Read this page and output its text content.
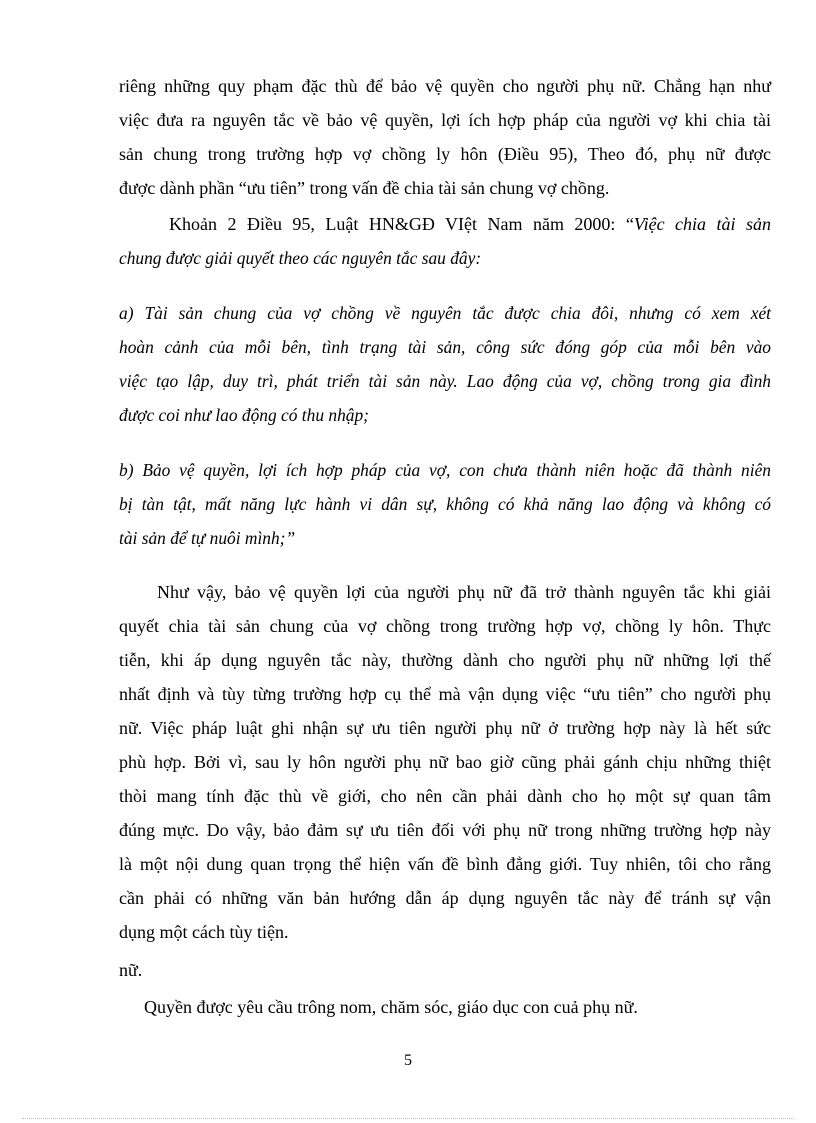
riêng những quy phạm đặc thù để bảo vệ quyền cho người phụ nữ. Chẳng hạn như
việc đưa ra nguyên tắc về bảo vệ quyền, lợi ích hợp pháp của người vợ khi chia tài
sản chung trong trường hợp vợ chồng ly hôn (Điều 95), Theo đó, phụ nữ được
được dành phần “ưu tiên” trong vấn đề chia tài sản chung vợ chồng.
Khoản 2 Điều 95, Luật HN&GĐ VIệt Nam năm 2000: “Việc chia tài sản
chung được giải quyết theo các nguyên tắc sau đây:
a) Tài sản chung của vợ chồng về nguyên tắc được chia đôi, nhưng có xem xét
hoàn cảnh của mỗi bên, tình trạng tài sản, công sức đóng góp của mỗi bên vào
việc tạo lập, duy trì, phát triển tài sản này. Lao động của vợ, chồng trong gia đình
được coi như lao động có thu nhập;
b) Bảo vệ quyền, lợi ích hợp pháp của vợ, con chưa thành niên hoặc đã thành niên
bị tàn tật, mất năng lực hành vi dân sự, không có khả năng lao động và không có
tài sản để tự nuôi mình;”
Như vậy, bảo vệ quyền lợi của người phụ nữ đã trở thành nguyên tắc khi giải
quyết chia tài sản chung của vợ chồng trong trường hợp vợ, chồng ly hôn. Thực
tiễn, khi áp dụng nguyên tắc này, thường dành cho người phụ nữ những lợi thế
nhất định và tùy từng trường hợp cụ thể mà vận dụng việc “ưu tiên” cho người phụ
nữ. Việc pháp luật ghi nhận sự ưu tiên người phụ nữ ở trường hợp này là hết sức
phù hợp. Bởi vì, sau ly hôn người phụ nữ bao giờ cũng phải gánh chịu những thiệt
thòi mang tính đặc thù về giới, cho nên cần phải dành cho họ một sự quan tâm
đúng mực. Do vậy, bảo đảm sự ưu tiên đối với phụ nữ trong những trường hợp này
là một nội dung quan trọng thể hiện vấn đề bình đẳng giới. Tuy nhiên, tôi cho rằng
cần phải có những văn bản hướng dẫn áp dụng nguyên tắc này để tránh sự vận
dụng một cách tùy tiện.
nữ.
Quyền được yêu cầu trông nom, chăm sóc, giáo dục con cuả phụ nữ.
5
